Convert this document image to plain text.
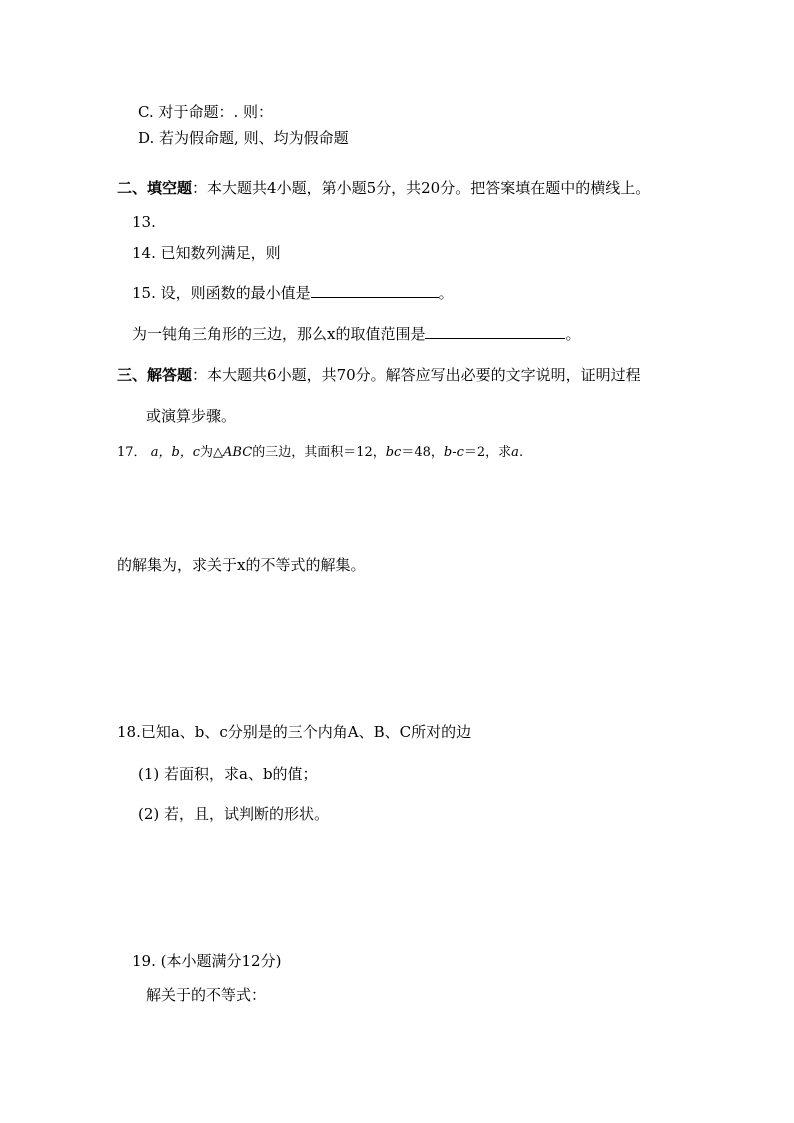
C. 对于命题：. 则：
D. 若为假命题, 则、均为假命题
二、填空题：本大题共4小题，第小题5分，共20分。把答案填在题中的横线上。
13.
14. 已知数列满足，则
15. 设，则函数的最小值是	。
为一钝角三角形的三边，那么x的取值范围是	。
三、解答题：本大题共6小题，共70分。解答应写出必要的文字说明，证明过程
或演算步骤。
17． a，b，c为△ABC的三边，其面积＝12，bc＝48，b-c＝2，求a.
的解集为，求关于x的不等式的解集。
18.已知a、b、c分别是的三个内角A、B、C所对的边
(1) 若面积，求a、b的值；
(2) 若，且，试判断的形状。
19. (本小题满分12分)
解关于的不等式：
